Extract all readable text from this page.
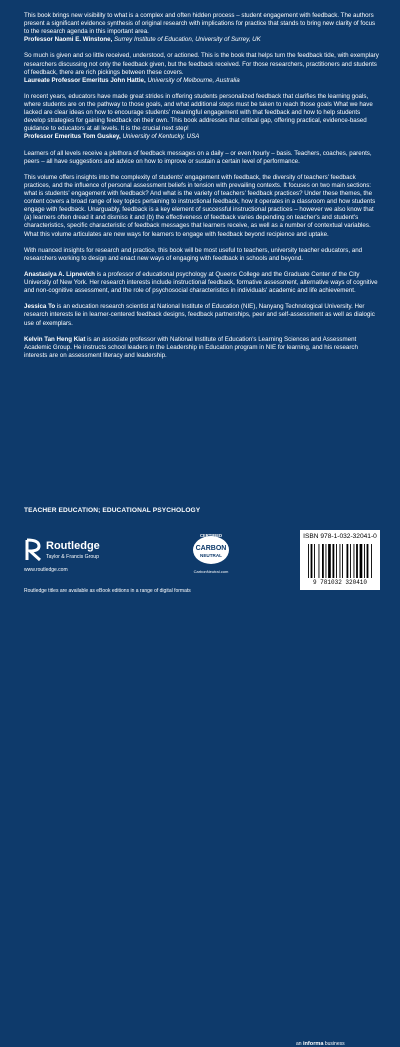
This book brings new visibility to what is a complex and often hidden process – student engagement with feedback. The authors present a significant evidence synthesis of original research with implications for practice that stands to bring new clarity of focus to the research agenda in this important area.

Professor Naomi E. Winstone, Surrey Institute of Education, University of Surrey, UK

So much is given and so little received, understood, or actioned. This is the book that helps turn the feedback tide, with exemplary researchers discussing not only the feedback given, but the feedback received. For those researchers, practitioners and students of feedback, there are rich pickings between these covers.

Laureate Professor Emeritus John Hattie, University of Melbourne, Australia

In recent years, educators have made great strides in offering students personalized feedback that clarifies the learning goals, where students are on the pathway to those goals, and what additional steps must be taken to reach those goals What we have lacked are clear ideas on how to encourage students' meaningful engagement with that feedback and how to help students develop strategies for gaining feedback on their own. This book addresses that critical gap, offering practical, evidence-based guidance to educators at all levels. It is the crucial next step!

Professor Emeritus Tom Guskey, University of Kentucky, USA

Learners of all levels receive a plethora of feedback messages on a daily – or even hourly – basis. Teachers, coaches, parents, peers – all have suggestions and advice on how to improve or sustain a certain level of performance.

This volume offers insights into the complexity of students' engagement with feedback, the diversity of teachers' feedback practices, and the influence of personal assessment beliefs in tension with prevailing contexts. It focuses on two main sections: what is students' engagement with feedback? And what is the variety of teachers' feedback practices? Under these themes, the content covers a broad range of key topics pertaining to instructional feedback, how it operates in a classroom and how students engage with feedback. Unarguably, feedback is a key element of successful instructional practices – however we also know that (a) learners often dread it and dismiss it and (b) the effectiveness of feedback varies depending on teacher's and student's characteristics, specific characteristic of feedback messages that learners receive, as well as a number of contextual variables. What this volume articulates are new ways for learners to engage with feedback beyond recipience and uptake.

With nuanced insights for research and practice, this book will be most useful to teachers, university teacher educators, and researchers working to design and enact new ways of engaging with feedback in schools and beyond.

Anastasiya A. Lipnevich is a professor of educational psychology at Queens College and the Graduate Center of the City University of New York. Her research interests include instructional feedback, formative assessment, alternative ways of cognitive and non-cognitive assessment, and the role of psychosocial characteristics in individuals' academic and life achievement.

Jessica To is an education research scientist at National Institute of Education (NIE), Nanyang Technological University. Her research interests lie in learner-centered feedback designs, feedback partnerships, peer and self-assessment as well as dialogic use of exemplars.

Kelvin Tan Heng Kiat is an associate professor with National Institute of Education's Learning Sciences and Assessment Academic Group. He instructs school leaders in the Leadership in Education program in NIE for learning, and his research interests are on assessment literacy and leadership.

TEACHER EDUCATION; EDUCATIONAL PSYCHOLOGY
an informa business
Routledge
Taylor & Francis Group
www.routledge.com
CERTIFIED
CARBON
NEUTRAL
CarbonNeutral.com
ISBN 978-1-032-32041-0
9 781032 320410
Routledge titles are available as eBook editions in a range of digital formats
